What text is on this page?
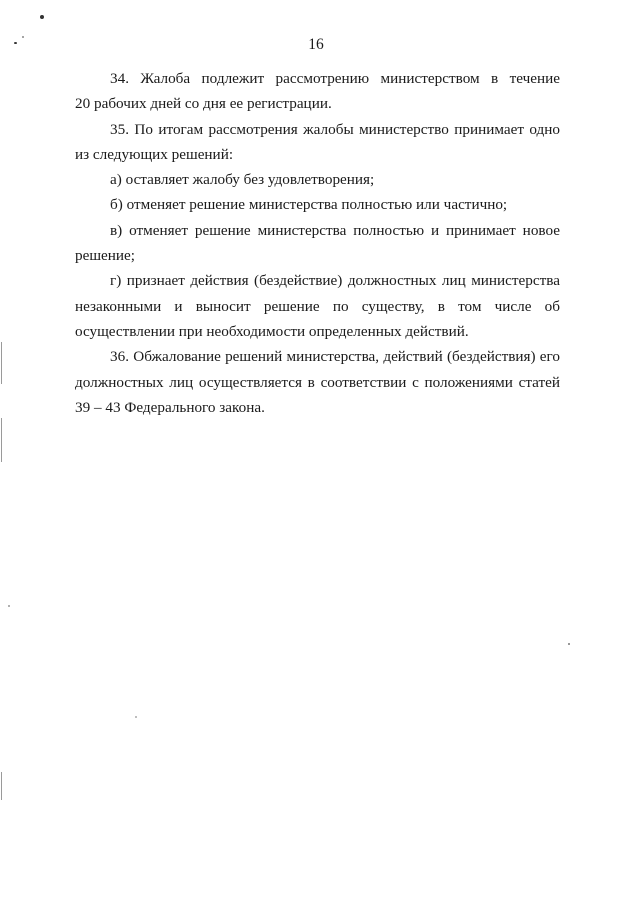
16

34. Жалоба подлежит рассмотрению министерством в течение

20 рабочих дней со дня ее регистрации.

35. По итогам рассмотрения жалобы министерство принимает одно из следующих решений:

а) оставляет жалобу без удовлетворения;

б) отменяет решение министерства полностью или частично;

в) отменяет решение министерства полностью и принимает новое решение;

г) признает действия (бездействие) должностных лиц министерства незаконными и выносит решение по существу, в том числе об осуществлении при необходимости определенных действий.

36. Обжалование решений министерства, действий (бездействия) его должностных лиц осуществляется в соответствии с положениями статей 39 – 43 Федерального закона.
